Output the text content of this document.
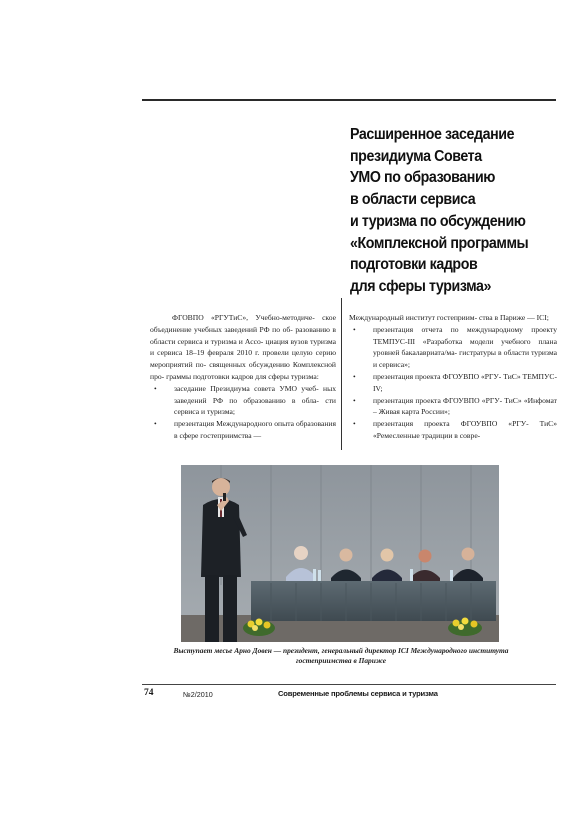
Расширенное заседание
президиума Совета
УМО по образованию
в области сервиса
и туризма по обсуждению
«Комплексной программы
подготовки кадров
для сферы туризма»

ФГОВПО «РГУТиС», Учебно-методиче- ское объединение учебных заведений РФ по об- разованию в области сервиса и туризма и Ассо- циация вузов туризма и сервиса 18–19 февраля 2010 г. провели целую серию мероприятий по- священных обсуждению Комплексной про- граммы подготовки кадров для сферы туризма:

• заседание Президиума совета УМО учеб- ных заведений РФ по образованию в обла- сти сервиса и туризма;
• презентация Международного опыта образования в сфере гостеприимства —

Международный институт гостеприим- ства в Париже — ICI;

• презентация отчета по международному проекту ТЕМПУС-III «Разработка модели учебного плана уровней бакалавриата/ма- гистратуры в области туризма и сервиса»;
• презентация проекта ФГОУВПО «РГУ- ТиС» ТЕМПУС-IV;
• презентация проекта ФГОУВПО «РГУ- ТиС» «Инфомат – Живая карта России»;
• презентация проекта ФГОУВПО «РГУ- ТиС» «Ремесленные традиции в совре-

Выступает месье Арно Довен — президент, генеральный директор ICI Международного института
гостеприимства в Париже

74	№2/2010	Современные проблемы сервиса и туризма
